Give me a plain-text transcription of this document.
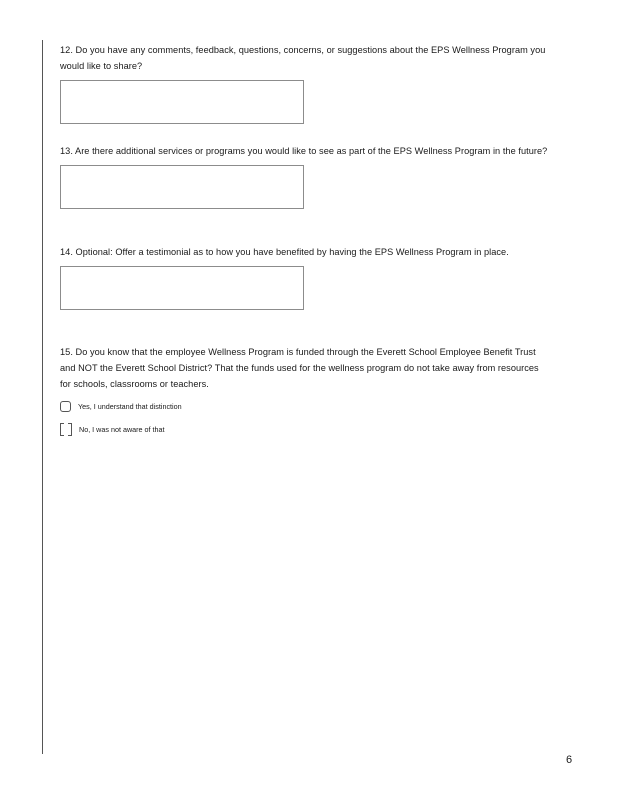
12. Do you have any comments, feedback, questions, concerns, or suggestions about the EPS Wellness Program you would like to share?

13. Are there additional services or programs you would like to see as part of the EPS Wellness Program in the future?

14. Optional: Offer a testimonial as to how you have benefited by having the EPS Wellness Program in place.

15. Do you know that the employee Wellness Program is funded through the Everett School Employee Benefit Trust and NOT the Everett School District? That the funds used for the wellness program do not take away from resources for schools, classrooms or teachers.

Yes, I understand that distinction
No, I was not aware of that
6
